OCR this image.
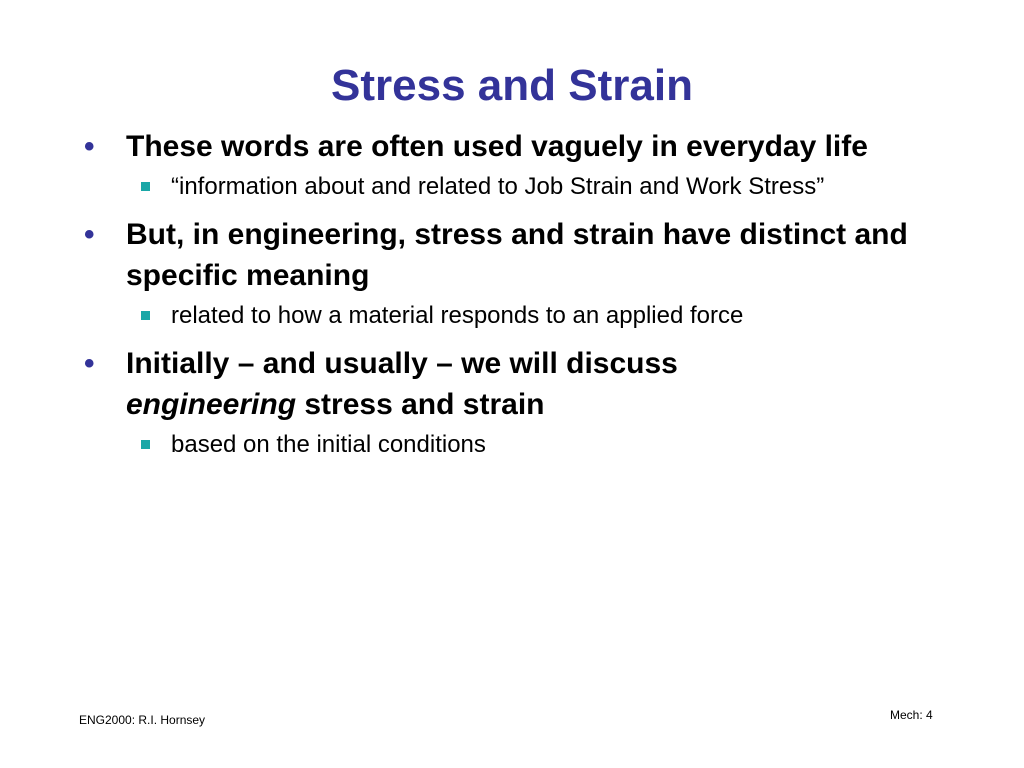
Stress and Strain
•	These words are often used vaguely in everyday life
“information about and related to Job Strain and Work Stress”
•	But, in engineering, stress and strain have distinct and specific meaning
related to how a material responds to an applied force
•	Initially – and usually – we will discuss
engineering stress and strain
based on the initial conditions
ENG2000: R.I. Hornsey	Mech: 4
